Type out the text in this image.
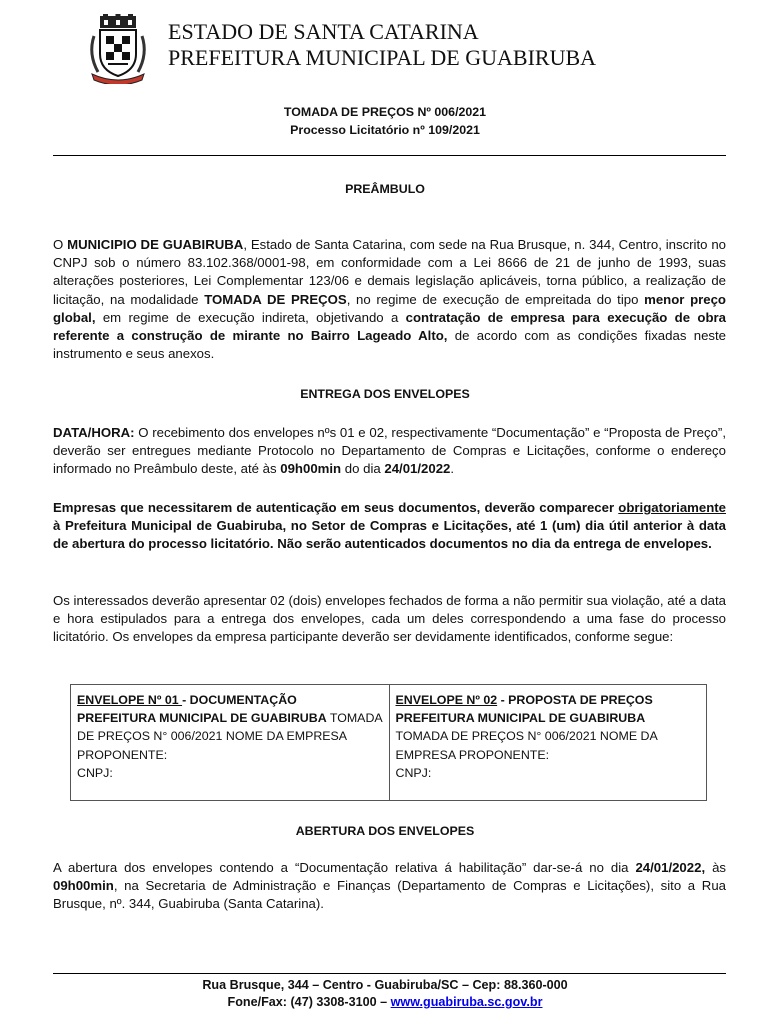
ESTADO DE SANTA CATARINA
PREFEITURA MUNICIPAL DE GUABIRUBA
TOMADA DE PREÇOS Nº 006/2021
Processo Licitatório nº 109/2021
PREÂMBULO
O MUNICIPIO DE GUABIRUBA, Estado de Santa Catarina, com sede na Rua Brusque, n. 344, Centro, inscrito no CNPJ sob o número 83.102.368/0001-98, em conformidade com a Lei 8666 de 21 de junho de 1993, suas alterações posteriores, Lei Complementar 123/06 e demais legislação aplicáveis, torna público, a realização de licitação, na modalidade TOMADA DE PREÇOS, no regime de execução de empreitada do tipo menor preço global, em regime de execução indireta, objetivando a contratação de empresa para execução de obra referente a construção de mirante no Bairro Lageado Alto, de acordo com as condições fixadas neste instrumento e seus anexos.
ENTREGA DOS ENVELOPES
DATA/HORA: O recebimento dos envelopes nºs 01 e 02, respectivamente “Documentação” e “Proposta de Preço”, deverão ser entregues mediante Protocolo no Departamento de Compras e Licitações, conforme o endereço informado no Preâmbulo deste, até às 09h00min do dia 24/01/2022.
Empresas que necessitarem de autenticação em seus documentos, deverão comparecer obrigatoriamente à Prefeitura Municipal de Guabiruba, no Setor de Compras e Licitações, até 1 (um) dia útil anterior à data de abertura do processo licitatório. Não serão autenticados documentos no dia da entrega de envelopes.
Os interessados deverão apresentar 02 (dois) envelopes fechados de forma a não permitir sua violação, até a data e hora estipulados para a entrega dos envelopes, cada um deles correspondendo a uma fase do processo licitatório. Os envelopes da empresa participante deverão ser devidamente identificados, conforme segue:
ENVELOPE Nº 01 - DOCUMENTAÇÃO
PREFEITURA MUNICIPAL DE GUABIRUBA TOMADA DE PREÇOS N° 006/2021 NOME DA EMPRESA PROPONENTE:
CNPJ:
ENVELOPE Nº 02 - PROPOSTA DE PREÇOS
PREFEITURA MUNICIPAL DE GUABIRUBA TOMADA DE PREÇOS N° 006/2021 NOME DA EMPRESA PROPONENTE:
CNPJ:
ABERTURA DOS ENVELOPES
A abertura dos envelopes contendo a “Documentação relativa á habilitação” dar-se-á no dia 24/01/2022, às 09h00min, na Secretaria de Administração e Finanças (Departamento de Compras e Licitações), sito a Rua Brusque, nº. 344, Guabiruba (Santa Catarina).
Rua Brusque, 344 – Centro - Guabiruba/SC – Cep: 88.360-000
Fone/Fax: (47) 3308-3100 – www.guabiruba.sc.gov.br
